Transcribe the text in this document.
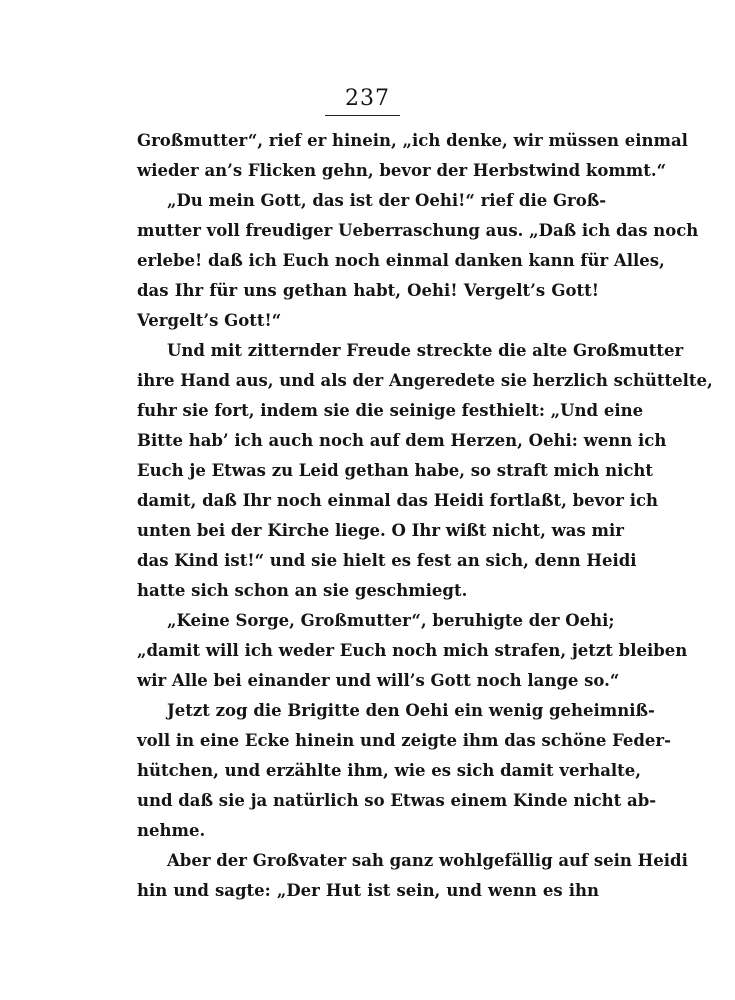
237
Großmutter“, rief er hinein, „ich denke, wir müssen einmal
wieder an’s Flicken gehn, bevor der Herbstwind kommt.“
„Du mein Gott, das ist der Oehi!“ rief die Groß-
mutter voll freudiger Ueberraschung aus. „Daß ich das noch
erlebe! daß ich Euch noch einmal danken kann für Alles,
das Ihr für uns gethan habt, Oehi! Vergelt’s Gott!
Vergelt’s Gott!“
Und mit zitternder Freude streckte die alte Großmutter
ihre Hand aus, und als der Angeredete sie herzlich schüttelte,
fuhr sie fort, indem sie die seinige festhielt: „Und eine
Bitte hab’ ich auch noch auf dem Herzen, Oehi: wenn ich
Euch je Etwas zu Leid gethan habe, so straft mich nicht
damit, daß Ihr noch einmal das Heidi fortlaßt, bevor ich
unten bei der Kirche liege. O Ihr wißt nicht, was mir
das Kind ist!“ und sie hielt es fest an sich, denn Heidi
hatte sich schon an sie geschmiegt.
„Keine Sorge, Großmutter“, beruhigte der Oehi;
„damit will ich weder Euch noch mich strafen, jetzt bleiben
wir Alle bei einander und will’s Gott noch lange so.“
Jetzt zog die Brigitte den Oehi ein wenig geheimniß-
voll in eine Ecke hinein und zeigte ihm das schöne Feder-
hütchen, und erzählte ihm, wie es sich damit verhalte,
und daß sie ja natürlich so Etwas einem Kinde nicht ab-
nehme.
Aber der Großvater sah ganz wohlgefällig auf sein Heidi
hin und sagte: „Der Hut ist sein, und wenn es ihn
